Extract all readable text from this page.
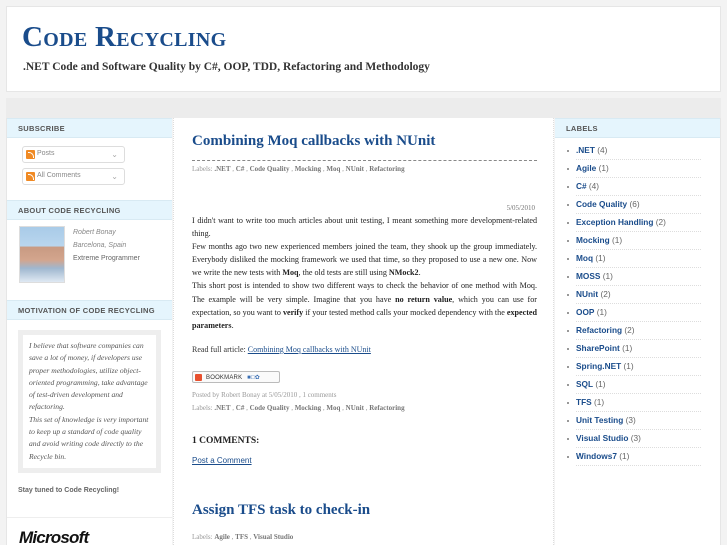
Code Recycling
.NET Code and Software Quality by C#, OOP, TDD, Refactoring and Methodology
SUBSCRIBE
Posts	⌄
All Comments	⌄
ABOUT CODE RECYCLING
Robert Bonay
Barcelona, Spain
Extreme Programmer
MOTIVATION OF CODE RECYCLING
I believe that software companies can save a lot of money, if developers use proper methodologies, utilize object-oriented programming, take advantage of test-driven development and refactoring.
This set of knowledge is very important to keep up a standard of code quality and avoid writing code directly to the Recycle bin.
Stay tuned to Code Recycling!
Microsoft
Combining Moq callbacks with NUnit
Labels: .NET , C# , Code Quality , Mocking , Moq , NUnit , Refactoring
5/05/2010
I didn't want to write too much articles about unit testing, I meant something more development-related thing.
Few months ago two new experienced members joined the team, they shook up the group immediately. Everybody disliked the mocking framework we used that time, so they proposed to use a new one. Now we write the new tests with Moq, the old tests are still using NMock2.
This short post is intended to show two different ways to check the behavior of one method with Moq. The example will be very simple. Imagine that you have no return value, which you can use for expectation, so you want to verify if your tested method calls your mocked dependency with the expected parameters.
Read full article: Combining Moq callbacks with NUnit
BOOKMARK ■□✿
Posted by Robert Bonay at 5/05/2010 , 1 comments
Labels: .NET , C# , Code Quality , Mocking , Moq , NUnit , Refactoring
1 COMMENTS:
Post a Comment
Assign TFS task to check-in
Labels: Agile , TFS , Visual Studio
LABELS
.NET (4)
Agile (1)
C# (4)
Code Quality (6)
Exception Handling (2)
Mocking (1)
Moq (1)
MOSS (1)
NUnit (2)
OOP (1)
Refactoring (2)
SharePoint (1)
Spring.NET (1)
SQL (1)
TFS (1)
Unit Testing (3)
Visual Studio (3)
Windows7 (1)
